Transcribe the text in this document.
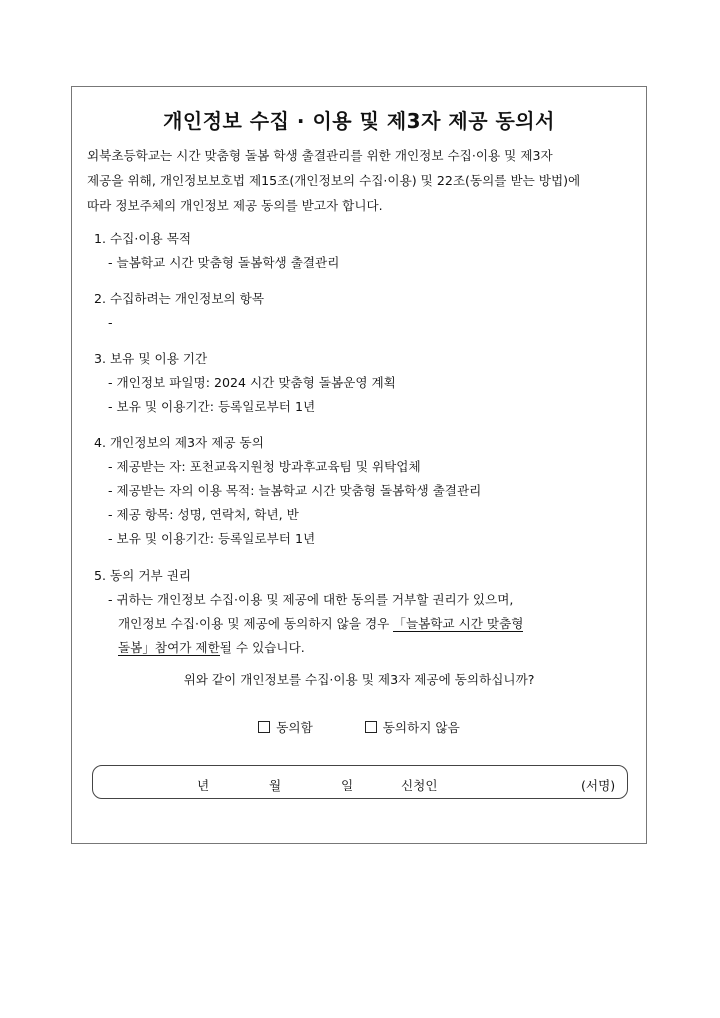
개인정보 수집 · 이용 및 제3자 제공 동의서
외북초등학교는 시간 맞춤형 돌봄 학생 출결관리를 위한 개인정보 수집·이용 및 제3자
제공을 위해, 개인정보보호법 제15조(개인정보의 수집·이용) 및 22조(동의를 받는 방법)에
따라 정보주체의 개인정보 제공 동의를 받고자 합니다.
1. 수집·이용 목적
- 늘봄학교 시간 맞춤형 돌봄학생 출결관리
2. 수집하려는 개인정보의 항목
-
3. 보유 및 이용 기간
- 개인정보 파일명: 2024 시간 맞춤형 돌봄운영 계획
- 보유 및 이용기간: 등록일로부터 1년
4. 개인정보의 제3자 제공 동의
- 제공받는 자: 포천교육지원청 방과후교육팀 및 위탁업체
- 제공받는 자의 이용 목적: 늘봄학교 시간 맞춤형 돌봄학생 출결관리
- 제공 항목: 성명, 연락처, 학년, 반
- 보유 및 이용기간: 등록일로부터 1년
5. 동의 거부 권리
- 귀하는 개인정보 수집·이용 및 제공에 대한 동의를 거부할 권리가 있으며,
개인정보 수집·이용 및 제공에 동의하지 않을 경우 「늘봄학교 시간 맞춤형
돌봄」참여가 제한될 수 있습니다.
위와 같이 개인정보를 수집·이용 및 제3자 제공에 동의하십니까?
동의함	동의하지 않음
년	월	일	신청인	(서명)
